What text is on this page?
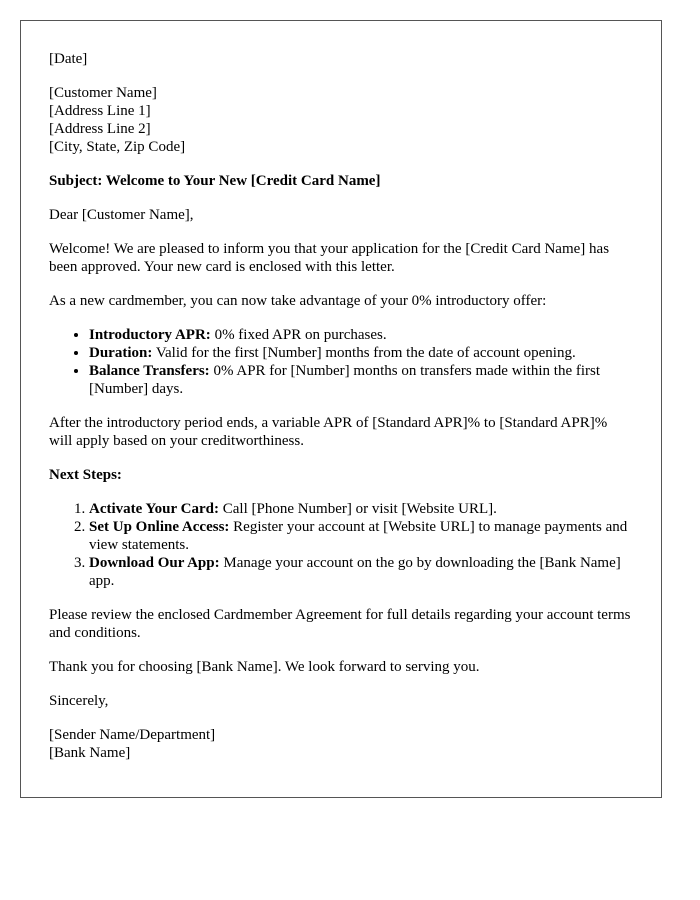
[Date]

[Customer Name]
[Address Line 1]
[Address Line 2]
[City, State, Zip Code]

Subject: Welcome to Your New [Credit Card Name]

Dear [Customer Name],

Welcome! We are pleased to inform you that your application for the [Credit Card Name] has been approved. Your new card is enclosed with this letter.

As a new cardmember, you can now take advantage of your 0% introductory offer:

• Introductory APR: 0% fixed APR on purchases.
• Duration: Valid for the first [Number] months from the date of account opening.
• Balance Transfers: 0% APR for [Number] months on transfers made within the first [Number] days.

After the introductory period ends, a variable APR of [Standard APR]% to [Standard APR]% will apply based on your creditworthiness.

Next Steps:

1. Activate Your Card: Call [Phone Number] or visit [Website URL].
2. Set Up Online Access: Register your account at [Website URL] to manage payments and view statements.
3. Download Our App: Manage your account on the go by downloading the [Bank Name] app.

Please review the enclosed Cardmember Agreement for full details regarding your account terms and conditions.

Thank you for choosing [Bank Name]. We look forward to serving you.

Sincerely,

[Sender Name/Department]
[Bank Name]
